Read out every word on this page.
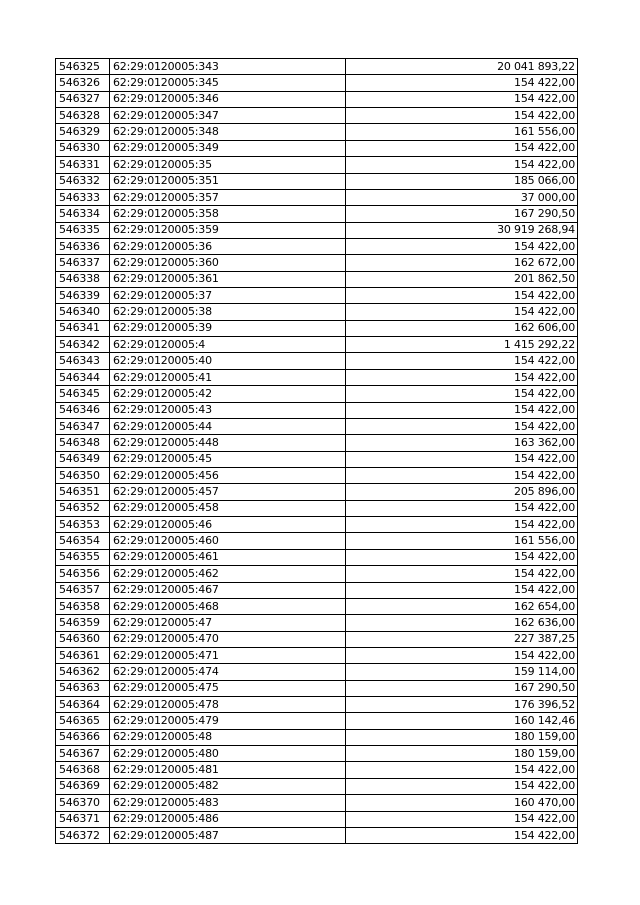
546325	62:29:0120005:343	20 041 893,22
546326	62:29:0120005:345	154 422,00
546327	62:29:0120005:346	154 422,00
546328	62:29:0120005:347	154 422,00
546329	62:29:0120005:348	161 556,00
546330	62:29:0120005:349	154 422,00
546331	62:29:0120005:35	154 422,00
546332	62:29:0120005:351	185 066,00
546333	62:29:0120005:357	37 000,00
546334	62:29:0120005:358	167 290,50
546335	62:29:0120005:359	30 919 268,94
546336	62:29:0120005:36	154 422,00
546337	62:29:0120005:360	162 672,00
546338	62:29:0120005:361	201 862,50
546339	62:29:0120005:37	154 422,00
546340	62:29:0120005:38	154 422,00
546341	62:29:0120005:39	162 606,00
546342	62:29:0120005:4	1 415 292,22
546343	62:29:0120005:40	154 422,00
546344	62:29:0120005:41	154 422,00
546345	62:29:0120005:42	154 422,00
546346	62:29:0120005:43	154 422,00
546347	62:29:0120005:44	154 422,00
546348	62:29:0120005:448	163 362,00
546349	62:29:0120005:45	154 422,00
546350	62:29:0120005:456	154 422,00
546351	62:29:0120005:457	205 896,00
546352	62:29:0120005:458	154 422,00
546353	62:29:0120005:46	154 422,00
546354	62:29:0120005:460	161 556,00
546355	62:29:0120005:461	154 422,00
546356	62:29:0120005:462	154 422,00
546357	62:29:0120005:467	154 422,00
546358	62:29:0120005:468	162 654,00
546359	62:29:0120005:47	162 636,00
546360	62:29:0120005:470	227 387,25
546361	62:29:0120005:471	154 422,00
546362	62:29:0120005:474	159 114,00
546363	62:29:0120005:475	167 290,50
546364	62:29:0120005:478	176 396,52
546365	62:29:0120005:479	160 142,46
546366	62:29:0120005:48	180 159,00
546367	62:29:0120005:480	180 159,00
546368	62:29:0120005:481	154 422,00
546369	62:29:0120005:482	154 422,00
546370	62:29:0120005:483	160 470,00
546371	62:29:0120005:486	154 422,00
546372	62:29:0120005:487	154 422,00
